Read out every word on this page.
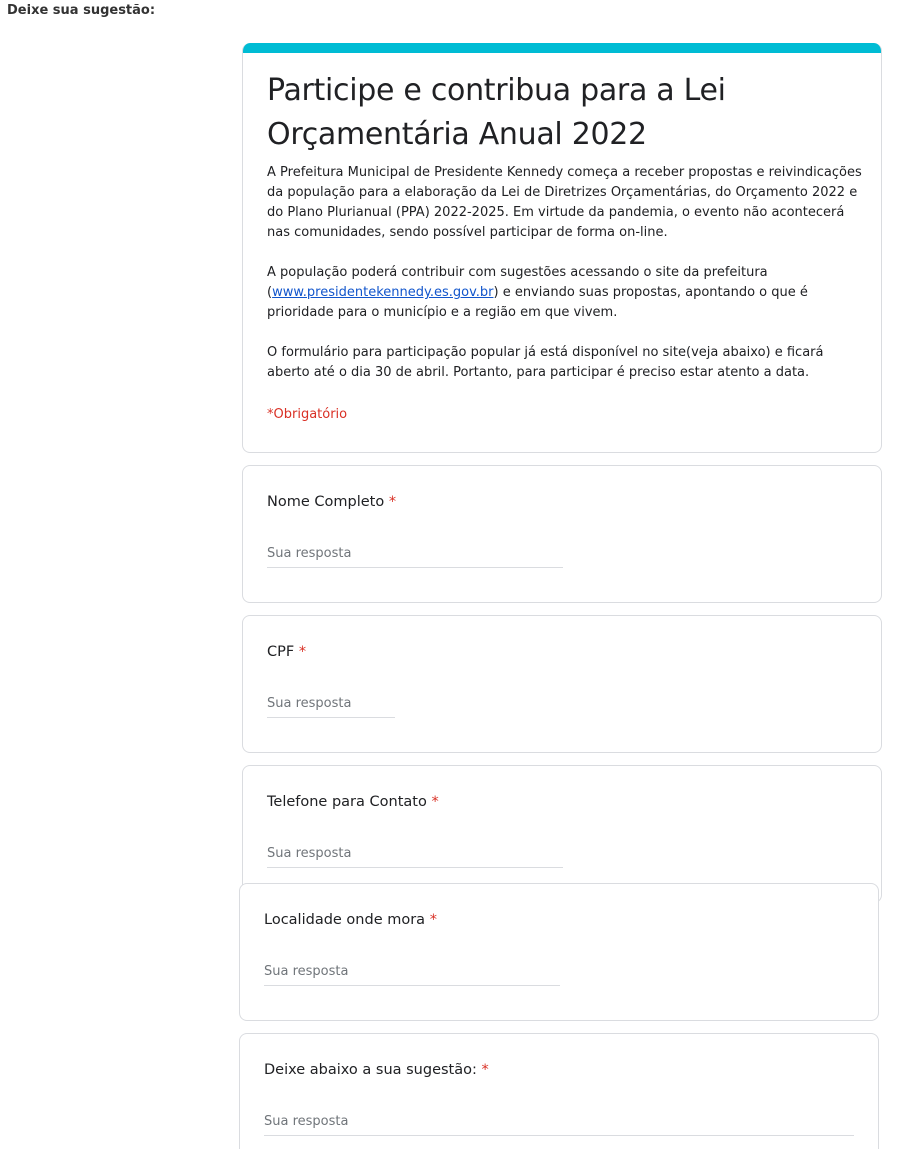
Deixe sua sugestão:
Participe e contribua para a Lei Orçamentária Anual 2022

A Prefeitura Municipal de Presidente Kennedy começa a receber propostas e reivindicações da população para a elaboração da Lei de Diretrizes Orçamentárias, do Orçamento 2022 e do Plano Plurianual (PPA) 2022-2025. Em virtude da pandemia, o evento não acontecerá nas comunidades, sendo possível participar de forma on-line.

A população poderá contribuir com sugestões acessando o site da prefeitura (www.presidentekennedy.es.gov.br) e enviando suas propostas, apontando o que é prioridade para o município e a região em que vivem.

O formulário para participação popular já está disponível no site(veja abaixo) e ficará aberto até o dia 30 de abril. Portanto, para participar é preciso estar atento a data.

*Obrigatório
Nome Completo *
Sua resposta
CPF *
Sua resposta
Telefone para Contato *
Sua resposta
Localidade onde mora *
Sua resposta
Deixe abaixo a sua sugestão: *
Sua resposta
